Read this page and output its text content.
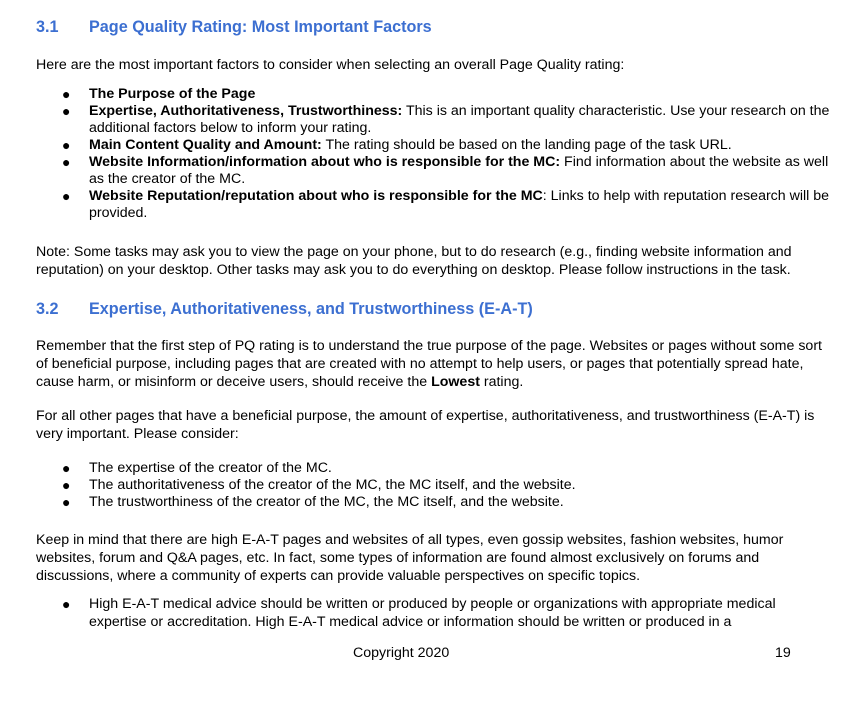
3.1 Page Quality Rating: Most Important Factors
Here are the most important factors to consider when selecting an overall Page Quality rating:
● The Purpose of the Page
● Expertise, Authoritativeness, Trustworthiness: This is an important quality characteristic. Use your research on the additional factors below to inform your rating.
● Main Content Quality and Amount: The rating should be based on the landing page of the task URL.
● Website Information/information about who is responsible for the MC: Find information about the website as well as the creator of the MC.
● Website Reputation/reputation about who is responsible for the MC: Links to help with reputation research will be provided.
Note: Some tasks may ask you to view the page on your phone, but to do research (e.g., finding website information and reputation) on your desktop. Other tasks may ask you to do everything on desktop. Please follow instructions in the task.
3.2 Expertise, Authoritativeness, and Trustworthiness (E-A-T)
Remember that the first step of PQ rating is to understand the true purpose of the page. Websites or pages without some sort of beneficial purpose, including pages that are created with no attempt to help users, or pages that potentially spread hate, cause harm, or misinform or deceive users, should receive the Lowest rating.
For all other pages that have a beneficial purpose, the amount of expertise, authoritativeness, and trustworthiness (E-A-T) is very important. Please consider:
● The expertise of the creator of the MC.
● The authoritativeness of the creator of the MC, the MC itself, and the website.
● The trustworthiness of the creator of the MC, the MC itself, and the website.
Keep in mind that there are high E-A-T pages and websites of all types, even gossip websites, fashion websites, humor websites, forum and Q&A pages, etc. In fact, some types of information are found almost exclusively on forums and discussions, where a community of experts can provide valuable perspectives on specific topics.
● High E-A-T medical advice should be written or produced by people or organizations with appropriate medical expertise or accreditation. High E-A-T medical advice or information should be written or produced in a
Copyright 2020	19
